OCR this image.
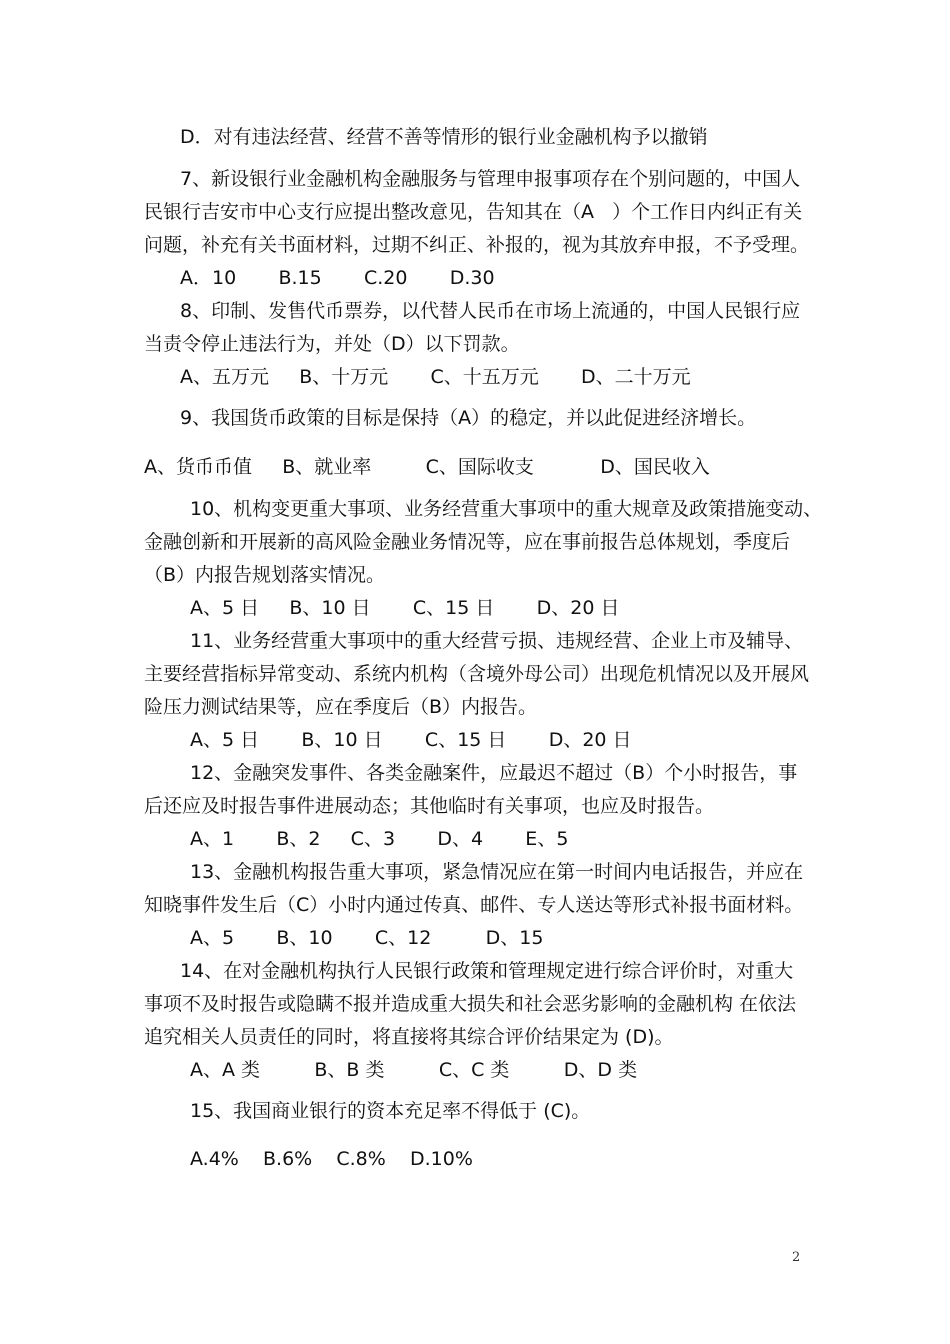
D．对有违法经营、经营不善等情形的银行业金融机构予以撤销
7、新设银行业金融机构金融服务与管理申报事项存在个别问题的，中国人
民银行吉安市中心支行应提出整改意见，告知其在（A   ）个工作日内纠正有关
问题，补充有关书面材料，过期不纠正、补报的，视为其放弃申报，不予受理。
A．10       B.15       C.20       D.30
8、印制、发售代币票券，以代替人民币在市场上流通的，中国人民银行应
当责令停止违法行为，并处（D）以下罚款。
A、五万元     B、十万元       C、十五万元       D、二十万元
9、我国货币政策的目标是保持（A）的稳定，并以此促进经济增长。
A、货币币值     B、就业率         C、国际收支           D、国民收入
10、机构变更重大事项、业务经营重大事项中的重大规章及政策措施变动、
金融创新和开展新的高风险金融业务情况等，应在事前报告总体规划，季度后
（B）内报告规划落实情况。
A、5 日     B、10 日       C、15 日       D、20 日
11、业务经营重大事项中的重大经营亏损、违规经营、企业上市及辅导、
主要经营指标异常变动、系统内机构（含境外母公司）出现危机情况以及开展风
险压力测试结果等，应在季度后（B）内报告。
A、5 日       B、10 日       C、15 日       D、20 日
12、金融突发事件、各类金融案件，应最迟不超过（B）个小时报告，事
后还应及时报告事件进展动态；其他临时有关事项，也应及时报告。
A、1       B、2     C、3       D、4       E、5
13、金融机构报告重大事项，紧急情况应在第一时间内电话报告，并应在
知晓事件发生后（C）小时内通过传真、邮件、专人送达等形式补报书面材料。
A、5       B、10       C、12         D、15
14、在对金融机构执行人民银行政策和管理规定进行综合评价时，对重大
事项不及时报告或隐瞒不报并造成重大损失和社会恶劣影响的金融机构 在依法
追究相关人员责任的同时，将直接将其综合评价结果定为 (D)。
A、A 类         B、B 类         C、C 类         D、D 类
15、我国商业银行的资本充足率不得低于 (C)。
A.4%    B.6%    C.8%    D.10%
2
